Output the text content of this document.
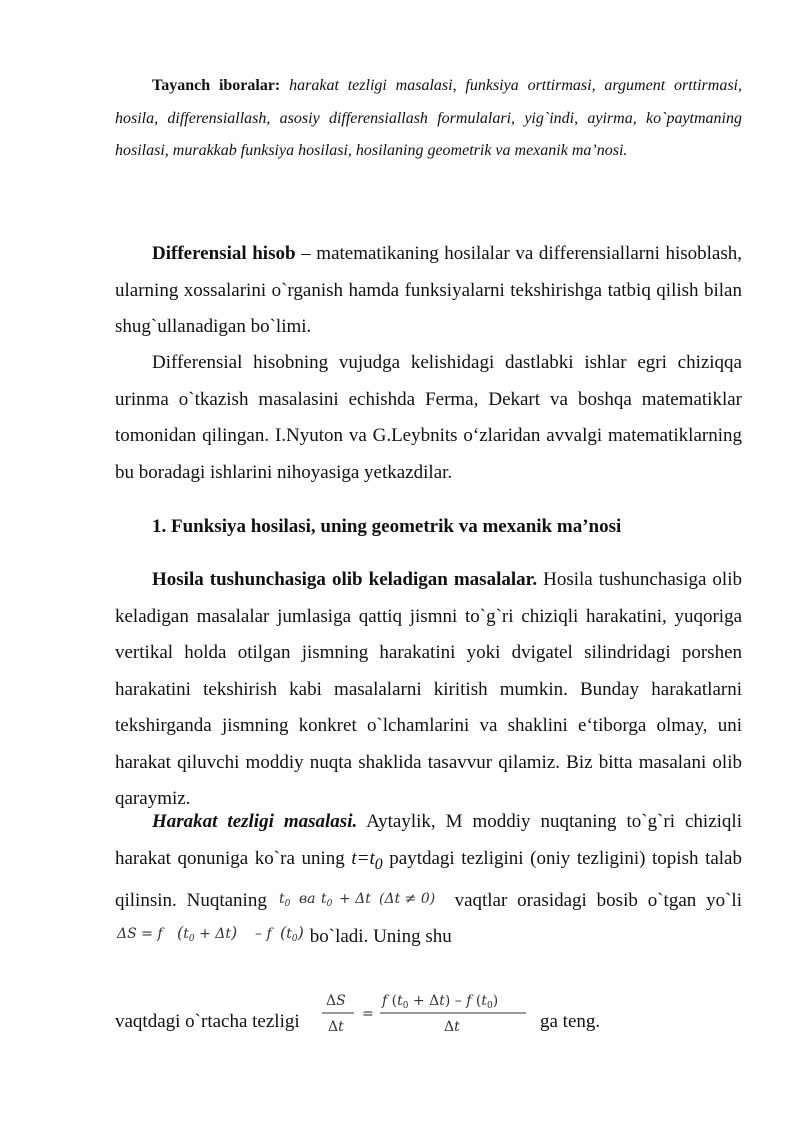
Tayanch iboralar: harakat tezligi masalasi, funksiya orttirmasi, argument orttirmasi, hosila, differensiallash, asosiy differensiallash formulalari, yig`indi, ayirma, ko`paytmaning hosilasi, murakkab funksiya hosilasi, hosilaning geometrik va mexanik ma’nosi.

Differensial hisob – matematikaning hosilalar va differensiallarni hisoblash, ularning xossalarini o`rganish hamda funksiyalarni tekshirishga tatbiq qilish bilan shug`ullanadigan bo`limi.

Differensial hisobning vujudga kelishidagi dastlabki ishlar egri chiziqqa urinma o`tkazish masalasini echishda Ferma, Dekart va boshqa matematiklar tomonidan qilingan. I.Nyuton va G.Leybnits o‘zlaridan avvalgi matematiklarning bu boradagi ishlarini nihoyasiga yetkazdilar.

1. Funksiya hosilasi, uning geometrik va mexanik ma’nosi

Hosila tushunchasiga olib keladigan masalalar. Hosila tushunchasiga olib keladigan masalalar jumlasiga qattiq jismni to`g`ri chiziqli harakatini, yuqoriga vertikal holda otilgan jismning harakatini yoki dvigatel silindridagi porshen harakatini tekshirish kabi masalalarni kiritish mumkin. Bunday harakatlarni tekshirganda jismning konkret o`lchamlarini va shaklini e‘tiborga olmay, uni harakat qiluvchi moddiy nuqta shaklida tasavvur qilamiz. Biz bitta masalani olib qaraymiz.

Harakat tezligi masalasi. Aytaylik, M moddiy nuqtaning to`g`ri chiziqli harakat qonuniga ko`ra uning $t=t_0$ paytdagi tezligini (oniy tezligini) topish talab qilinsin. Nuqtaning $t_0$ ва $t_0 + \Delta t$ (Δt ≠ 0) vaqtlar orasidagi bosib o`tgan yo`li
ΔS = f (t0 + Δt) – f (t0) bo`ladi. Uning shu

vaqtdagi o`rtacha tezligi
ΔS
Δt
=
f $(t_0 + \Delta t) - f$ $(t_0)$
Δt	ga teng.
